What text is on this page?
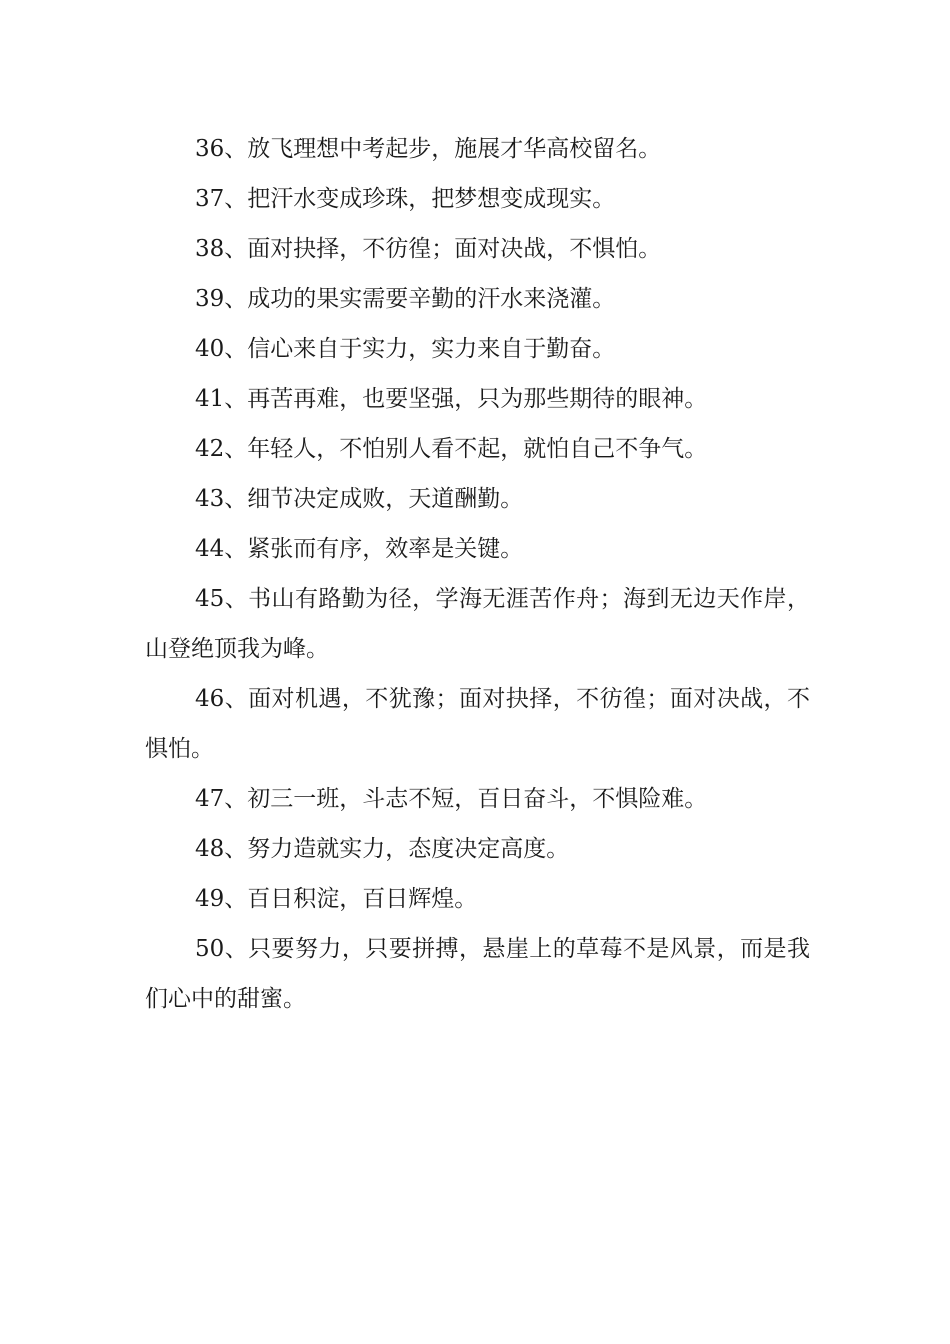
36、放飞理想中考起步，施展才华高校留名。

37、把汗水变成珍珠，把梦想变成现实。

38、面对抉择，不彷徨；面对决战，不惧怕。

39、成功的果实需要辛勤的汗水来浇灌。

40、信心来自于实力，实力来自于勤奋。

41、再苦再难，也要坚强，只为那些期待的眼神。

42、年轻人，不怕别人看不起，就怕自己不争气。

43、细节决定成败，天道酬勤。

44、紧张而有序，效率是关键。

45、书山有路勤为径，学海无涯苦作舟；海到无边天作岸，山登绝顶我为峰。

46、面对机遇，不犹豫；面对抉择，不彷徨；面对决战，不惧怕。

47、初三一班，斗志不短，百日奋斗，不惧险难。

48、努力造就实力，态度决定高度。

49、百日积淀，百日辉煌。

50、只要努力，只要拼搏，悬崖上的草莓不是风景，而是我们心中的甜蜜。
